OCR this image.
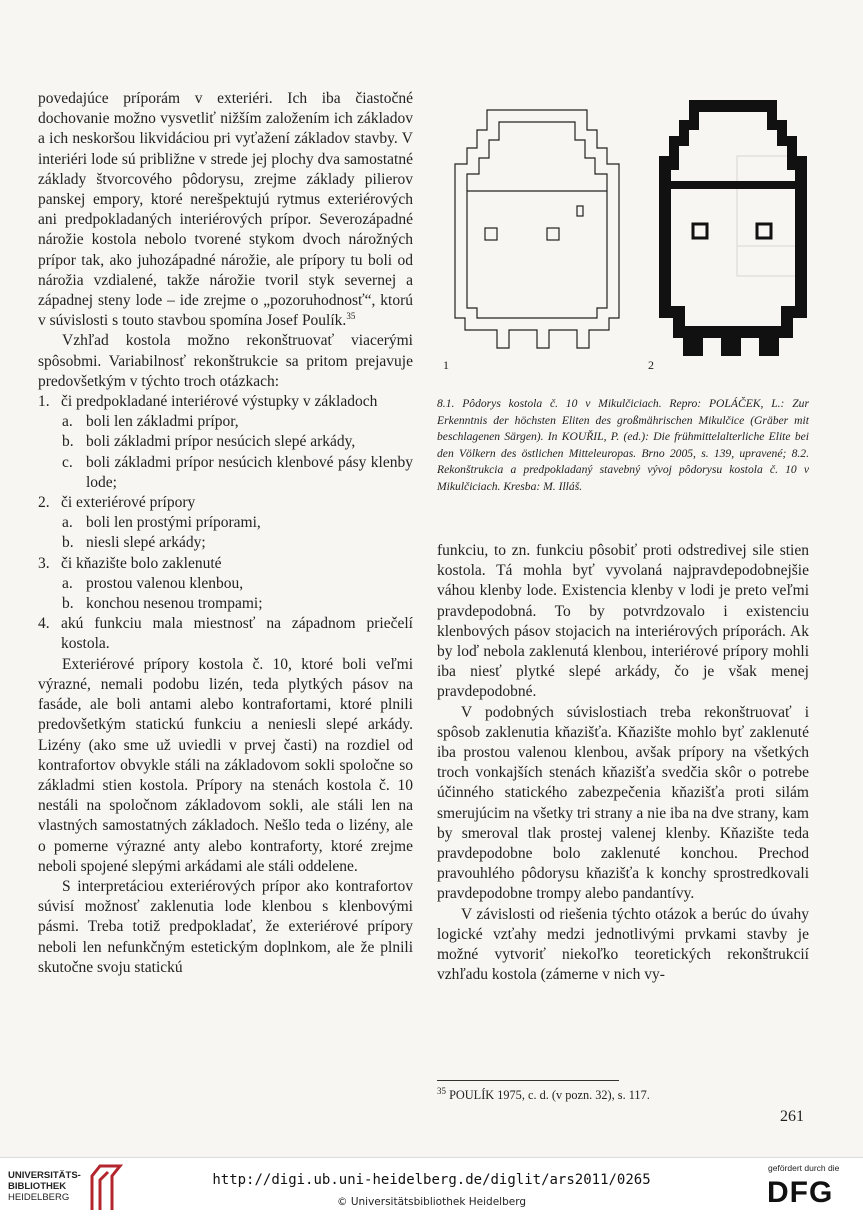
povedajúce príporám v exteriéri. Ich iba čiastočné dochovanie možno vysvetliť nižším založením ich základov a ich neskoršou likvidáciou pri vyťažení základov stavby. V interiéri lode sú približne v strede jej plochy dva samostatné základy štvorcového pôdorysu, zrejme základy pilierov panskej empory, ktoré nerešpektujú rytmus exteriérových ani predpokladaných interiérových prípor. Severozápadné nárožie kostola nebolo tvorené stykom dvoch nárožných prípor tak, ako juhozápadné nárožie, ale prípory tu boli od nárožia vzdialené, takže nárožie tvoril styk severnej a západnej steny lode – ide zrejme o „pozoruhodnosť“, ktorú v súvislosti s touto stavbou spomína Josef Poulík.$^{35}$

Vzhľad kostola možno rekonštruovať viacerými spôsobmi. Variabilnosť rekonštrukcie sa pritom prejavuje predovšetkým v týchto troch otázkach:

1. či predpokladané interiérové výstupky v základoch
a. boli len základmi prípor,
b. boli základmi prípor nesúcich slepé arkády,
c. boli základmi prípor nesúcich klenbové pásy klenby lode;
2. či exteriérové prípory
a. boli len prostými príporami,
b. niesli slepé arkády;
3. či kňazište bolo zaklenuté
a. prostou valenou klenbou,
b. konchou nesenou trompami;
4. akú funkciu mala miestnosť na západnom priečelí kostola.

Exteriérové prípory kostola č. 10, ktoré boli veľmi výrazné, nemali podobu lizén, teda plytkých pásov na fasáde, ale boli antami alebo kontrafortami, ktoré plnili predovšetkým statickú funkciu a neniesli slepé arkády. Lizény (ako sme už uviedli v prvej časti) na rozdiel od kontrafortov obvykle stáli na základovom sokli spoločne so základmi stien kostola. Prípory na stenách kostola č. 10 nestáli na spoločnom základovom sokli, ale stáli len na vlastných samostatných základoch. Nešlo teda o lizény, ale o pomerne výrazné anty alebo kontraforty, ktoré zrejme neboli spojené slepými arkádami ale stáli oddelene.

S interpretáciou exteriérových prípor ako kontrafortov súvisí možnosť zaklenutia lode klenbou s klenbovými pásmi. Treba totiž predpokladať, že exteriérové prípory neboli len nefunkčným estetickým doplnkom, ale že plnili skutočne svoju statickú

1	2
8.1. Pôdorys kostola č. 10 v Mikulčiciach. Repro: POLÁČEK, L.: Zur Erkenntnis der höchsten Eliten des großmährischen Mikulčice (Gräber mit beschlagenen Särgen). In KOUŘIL, P. (ed.): Die frühmittelalterliche Elite bei den Völkern des östlichen Mitteleuropas. Brno 2005, s. 139, upravené; 8.2. Rekonštrukcia a predpokladaný stavebný vývoj pôdorysu kostola č. 10 v Mikulčiciach. Kresba: M. Illáš.

funkciu, to zn. funkciu pôsobiť proti odstredivej sile stien kostola. Tá mohla byť vyvolaná najpravdepodobnejšie váhou klenby lode. Existencia klenby v lodi je preto veľmi pravdepodobná. To by potvrdzovalo i existenciu klenbových pásov stojacich na interiérových príporách. Ak by loď nebola zaklenutá klenbou, interiérové prípory mohli iba niesť plytké slepé arkády, čo je však menej pravdepodobné.

V podobných súvislostiach treba rekonštruovať i spôsob zaklenutia kňazišťa. Kňazište mohlo byť zaklenuté iba prostou valenou klenbou, avšak prípory na všetkých troch vonkajších stenách kňazišťa svedčia skôr o potrebe účinného statického zabezpečenia kňazišťa proti silám smerujúcim na všetky tri strany a nie iba na dve strany, kam by smeroval tlak prostej valenej klenby. Kňazište teda pravdepodobne bolo zaklenuté konchou. Prechod pravouhlého pôdorysu kňazišťa k konchy sprostredkovali pravdepodobne trompy alebo pandantívy.

V závislosti od riešenia týchto otázok a berúc do úvahy logické vzťahy medzi jednotlivými prvkami stavby je možné vytvoriť niekoľko teoretických rekonštrukcií vzhľadu kostola (zámerne v nich vy-

$^{35}$ POULÍK 1975, c. d. (v pozn. 32), s. 117.
261
UNIVERSITÄTS-
BIBLIOTHEK
HEIDELBERG
http://digi.ub.uni-heidelberg.de/diglit/ars2011/0265
© Universitätsbibliothek Heidelberg
gefördert durch die
DFG
